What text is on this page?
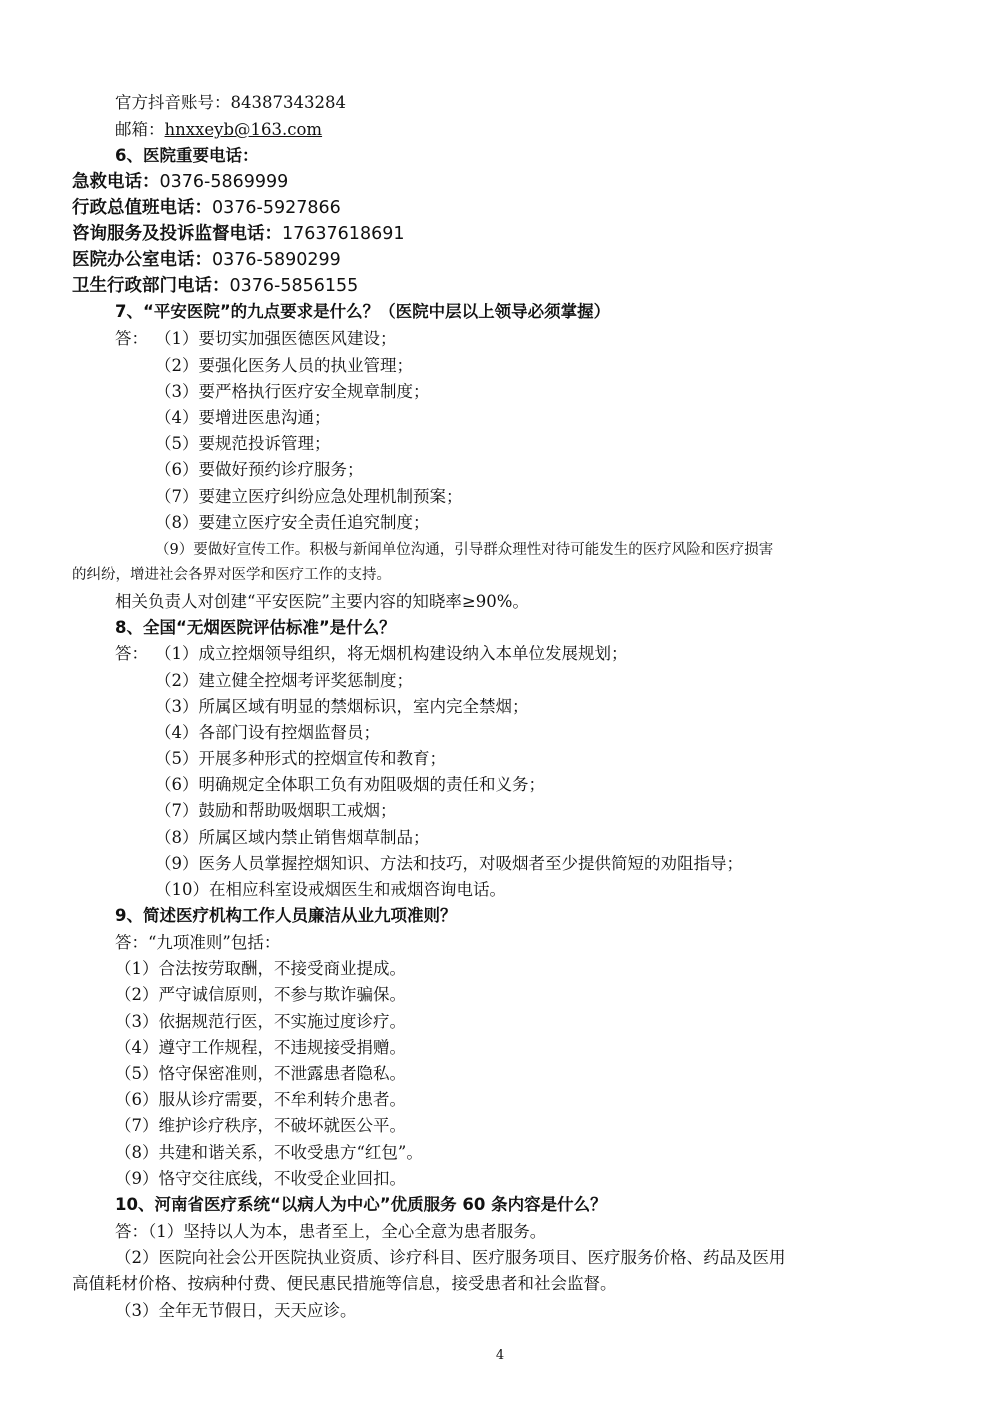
官方抖音账号：84387343284
邮箱：hnxxeyb@163.com
6、医院重要电话：
急救电话：0376-5869999
行政总值班电话：0376-5927866
咨询服务及投诉监督电话：17637618691
医院办公室电话：0376-5890299
卫生行政部门电话：0376-5856155
7、“平安医院”的九点要求是什么？（医院中层以上领导必须掌握）
答： （1）要切实加强医德医风建设；
（2）要强化医务人员的执业管理；
（3）要严格执行医疗安全规章制度；
（4）要增进医患沟通；
（5）要规范投诉管理；
（6）要做好预约诊疗服务；
（7）要建立医疗纠纷应急处理机制预案；
（8）要建立医疗安全责任追究制度；
（9）要做好宣传工作。积极与新闻单位沟通，引导群众理性对待可能发生的医疗风险和医疗损害
的纠纷，增进社会各界对医学和医疗工作的支持。
相关负责人对创建“平安医院”主要内容的知晓率≥90%。
8、全国“无烟医院评估标准”是什么？
答： （1）成立控烟领导组织，将无烟机构建设纳入本单位发展规划；
（2）建立健全控烟考评奖惩制度；
（3）所属区域有明显的禁烟标识，室内完全禁烟；
（4）各部门设有控烟监督员；
（5）开展多种形式的控烟宣传和教育；
（6）明确规定全体职工负有劝阻吸烟的责任和义务；
（7）鼓励和帮助吸烟职工戒烟；
（8）所属区域内禁止销售烟草制品；
（9）医务人员掌握控烟知识、方法和技巧，对吸烟者至少提供简短的劝阻指导；
（10）在相应科室设戒烟医生和戒烟咨询电话。
9、简述医疗机构工作人员廉洁从业九项准则？
答：“九项准则”包括：
（1）合法按劳取酬，不接受商业提成。
（2）严守诚信原则，不参与欺诈骗保。
（3）依据规范行医，不实施过度诊疗。
（4）遵守工作规程，不违规接受捐赠。
（5）恪守保密准则，不泄露患者隐私。
（6）服从诊疗需要，不牟利转介患者。
（7）维护诊疗秩序，不破坏就医公平。
（8）共建和谐关系，不收受患方“红包”。
（9）恪守交往底线，不收受企业回扣。
10、河南省医疗系统“以病人为中心”优质服务 60 条内容是什么？
答：（1）坚持以人为本，患者至上，全心全意为患者服务。
（2）医院向社会公开医院执业资质、诊疗科目、医疗服务项目、医疗服务价格、药品及医用
高值耗材价格、按病种付费、便民惠民措施等信息，接受患者和社会监督。
（3）全年无节假日，天天应诊。
4
